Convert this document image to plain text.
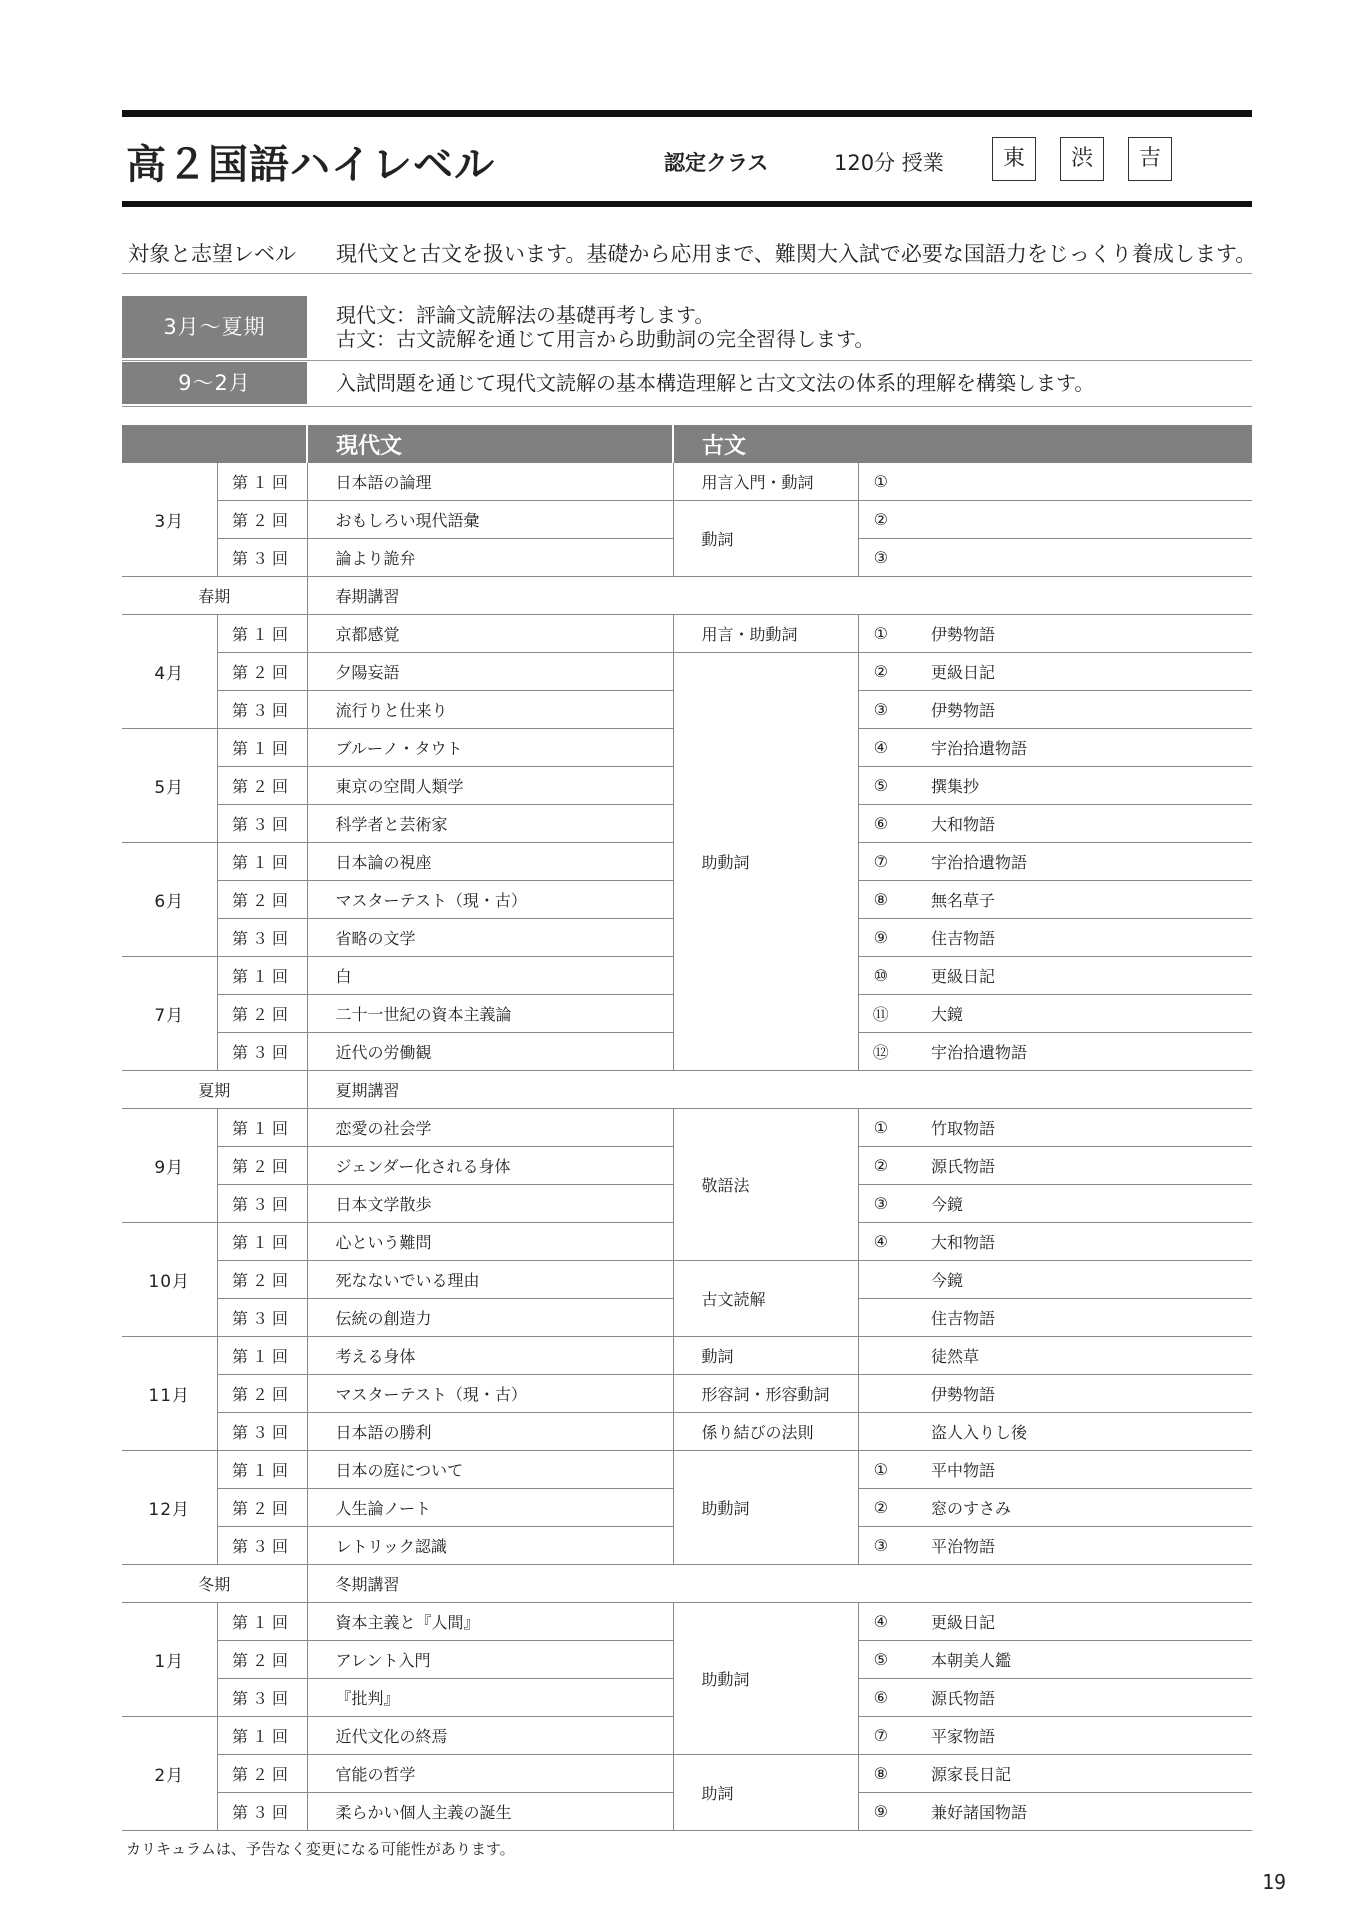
高２国語ハイレベル	認定クラス	120分 授業	東	渋	吉
対象と志望レベル 現代文と古文を扱います。基礎から応用まで、難関大入試で必要な国語力をじっくり養成します。
3月〜夏期	現代文：評論文読解法の基礎再考します。
古文：古文読解を通じて用言から助動詞の完全習得します。
9〜2月	入試問題を通じて現代文読解の基本構造理解と古文文法の体系的理解を構築します。
		現代文	古文		
3月	第１回	日本語の論理	用言入門・動詞	①	
	第２回	おもしろい現代語彙	動詞	②	
	第３回	論より詭弁		③	
春期		春期講習			
4月	第１回	京都感覚	用言・助動詞	①	伊勢物語
	第２回	夕陽妄語	助動詞	②	更級日記
	第３回	流行りと仕来り		③	伊勢物語
5月	第１回	ブルーノ・タウト		④	宇治拾遺物語
	第２回	東京の空間人類学		⑤	撰集抄
	第３回	科学者と芸術家		⑥	大和物語
6月	第１回	日本論の視座		⑦	宇治拾遺物語
	第２回	マスターテスト（現・古）		⑧	無名草子
	第３回	省略の文学		⑨	住吉物語
7月	第１回	白		⑩	更級日記
	第２回	二十一世紀の資本主義論		⑪	大鏡
	第３回	近代の労働観		⑫	宇治拾遺物語
夏期		夏期講習			
9月	第１回	恋愛の社会学	敬語法	①	竹取物語
	第２回	ジェンダー化される身体		②	源氏物語
	第３回	日本文学散歩		③	今鏡
10月	第１回	心という難問		④	大和物語
	第２回	死なないでいる理由	古文読解		今鏡
	第３回	伝統の創造力			住吉物語
11月	第１回	考える身体	動詞		徒然草
	第２回	マスターテスト（現・古）	形容詞・形容動詞		伊勢物語
	第３回	日本語の勝利	係り結びの法則		盗人入りし後
12月	第１回	日本の庭について	助動詞	①	平中物語
	第２回	人生論ノート		②	窓のすさみ
	第３回	レトリック認識		③	平治物語
冬期		冬期講習			
1月	第１回	資本主義と『人間』	助動詞	④	更級日記
	第２回	アレント入門		⑤	本朝美人鑑
	第３回	『批判』		⑥	源氏物語
2月	第１回	近代文化の終焉		⑦	平家物語
	第２回	官能の哲学	助詞	⑧	源家長日記
	第３回	柔らかい個人主義の誕生		⑨	兼好諸国物語
カリキュラムは、予告なく変更になる可能性があります。
19
